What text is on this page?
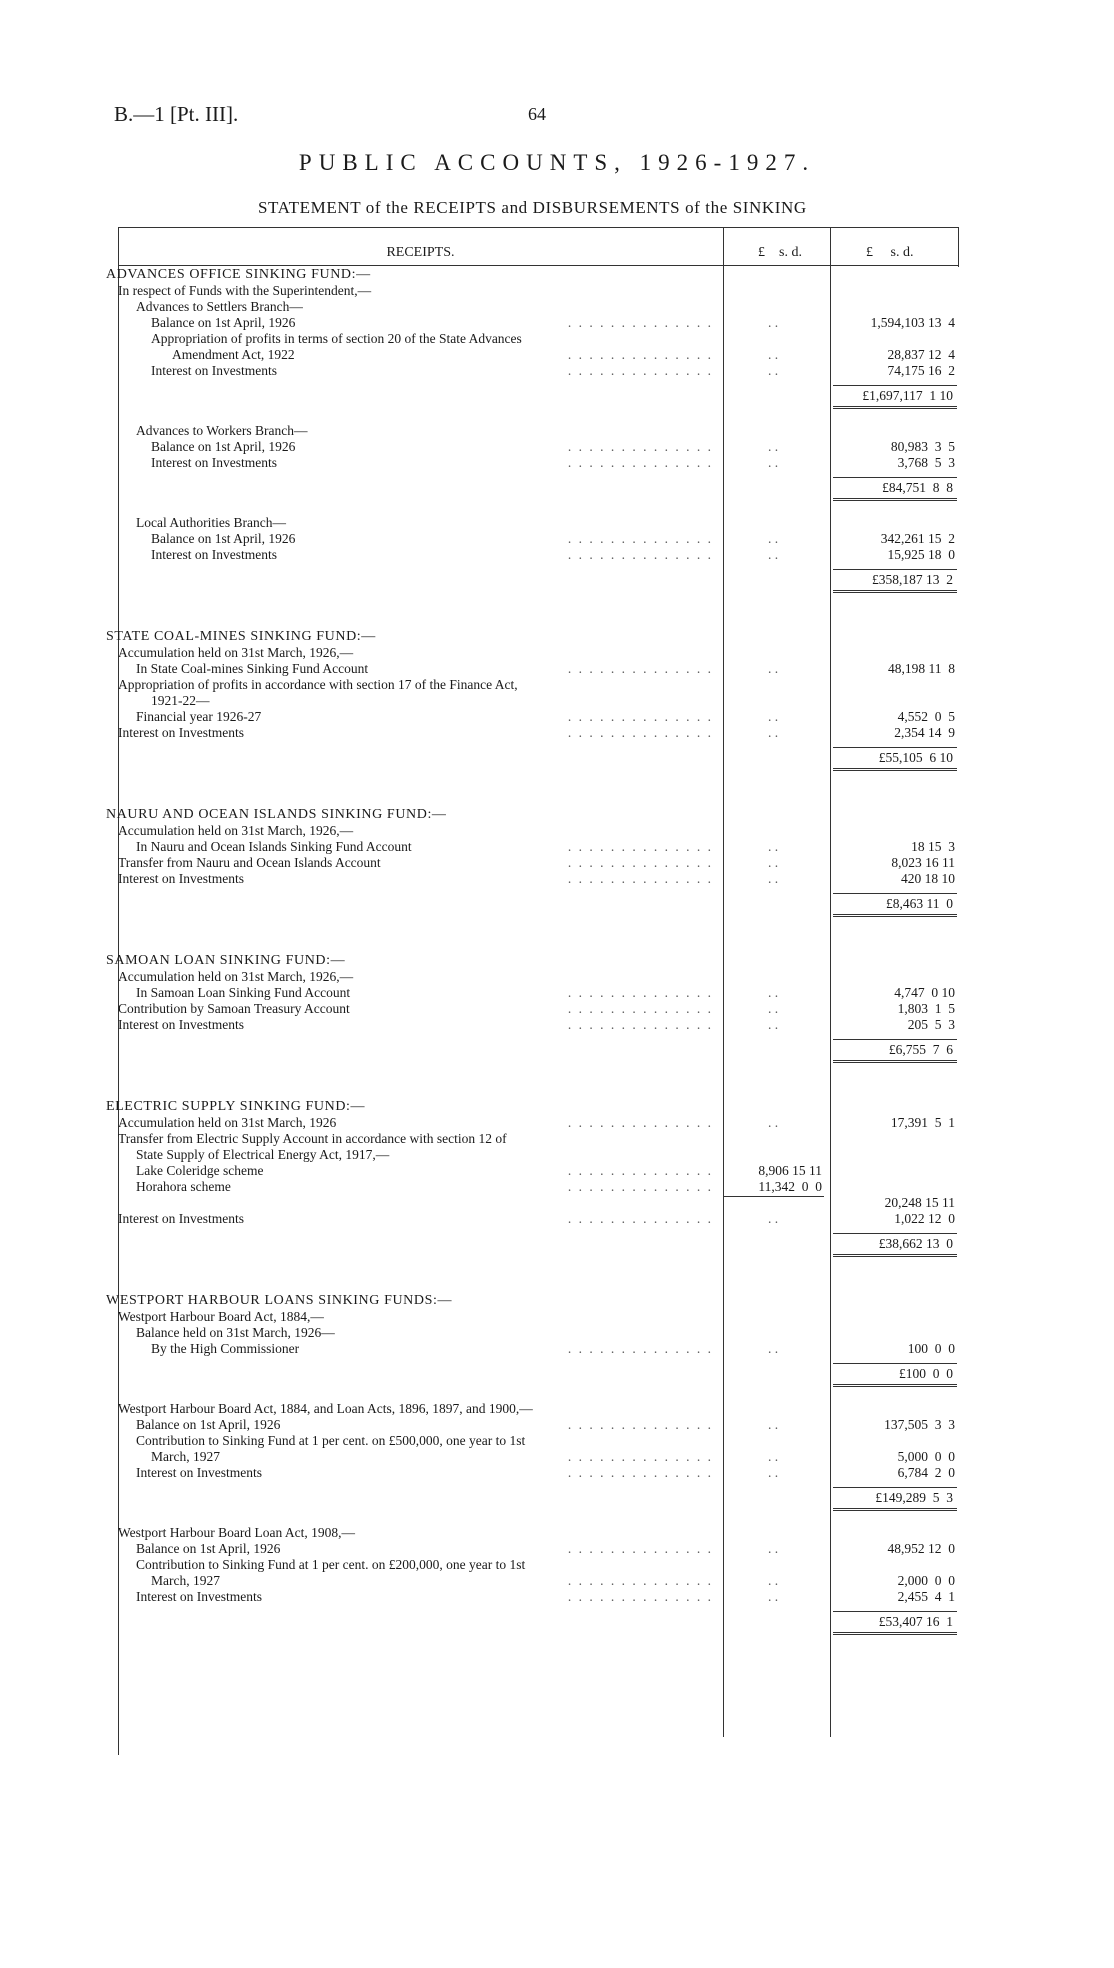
B.—1 [Pt. III].	64
PUBLIC ACCOUNTS, 1926-1927.
STATEMENT of the RECEIPTS and DISBURSEMENTS of the SINKING
RECEIPTS.	£    s. d.	£     s. d.
ADVANCES OFFICE SINKING FUND:—
In respect of Funds with the Superintendent,—
Advances to Settlers Branch—
Balance on 1st April, 1926	. . . . . . . . . . . . . .	. .	1,594,103 13  4
Appropriation of profits in terms of section 20 of the State Advances
Amendment Act, 1922	. . . . . . . . . . . . . .	. .	28,837 12  4
Interest on Investments	. . . . . . . . . . . . . .	. .	74,175 16  2
£1,697,117  1 10
Advances to Workers Branch—
Balance on 1st April, 1926	. . . . . . . . . . . . . .	. .	80,983  3  5
Interest on Investments	. . . . . . . . . . . . . .	. .	3,768  5  3
£84,751  8  8
Local Authorities Branch—
Balance on 1st April, 1926	. . . . . . . . . . . . . .	. .	342,261 15  2
Interest on Investments	. . . . . . . . . . . . . .	. .	15,925 18  0
£358,187 13  2
STATE COAL-MINES SINKING FUND:—
Accumulation held on 31st March, 1926,—
In State Coal-mines Sinking Fund Account	. . . . . . . . . . . . . .	. .	48,198 11  8
Appropriation of profits in accordance with section 17 of the Finance Act,
1921-22—
Financial year 1926-27	. . . . . . . . . . . . . .	. .	4,552  0  5
Interest on Investments	. . . . . . . . . . . . . .	. .	2,354 14  9
£55,105  6 10
NAURU AND OCEAN ISLANDS SINKING FUND:—
Accumulation held on 31st March, 1926,—
In Nauru and Ocean Islands Sinking Fund Account	. . . . . . . . . . . . . .	. .	18 15  3
Transfer from Nauru and Ocean Islands Account	. . . . . . . . . . . . . .	. .	8,023 16 11
Interest on Investments	. . . . . . . . . . . . . .	. .	420 18 10
£8,463 11  0
SAMOAN LOAN SINKING FUND:—
Accumulation held on 31st March, 1926,—
In Samoan Loan Sinking Fund Account	. . . . . . . . . . . . . .	. .	4,747  0 10
Contribution by Samoan Treasury Account	. . . . . . . . . . . . . .	. .	1,803  1  5
Interest on Investments	. . . . . . . . . . . . . .	. .	205  5  3
£6,755  7  6
ELECTRIC SUPPLY SINKING FUND:—
Accumulation held on 31st March, 1926	. . . . . . . . . . . . . .	. .	17,391  5  1
Transfer from Electric Supply Account in accordance with section 12 of
State Supply of Electrical Energy Act, 1917,—
Lake Coleridge scheme	. . . . . . . . . . . . . .	8,906 15 11
Horahora scheme	. . . . . . . . . . . . . .	11,342  0  0
20,248 15 11
Interest on Investments	. . . . . . . . . . . . . .	. .	1,022 12  0
£38,662 13  0
WESTPORT HARBOUR LOANS SINKING FUNDS:—
Westport Harbour Board Act, 1884,—
Balance held on 31st March, 1926—
By the High Commissioner	. . . . . . . . . . . . . .	. .	100  0  0
£100  0  0
Westport Harbour Board Act, 1884, and Loan Acts, 1896, 1897, and 1900,—
Balance on 1st April, 1926	. . . . . . . . . . . . . .	. .	137,505  3  3
Contribution to Sinking Fund at 1 per cent. on £500,000, one year to 1st
March, 1927	. . . . . . . . . . . . . .	. .	5,000  0  0
Interest on Investments	. . . . . . . . . . . . . .	. .	6,784  2  0
£149,289  5  3
Westport Harbour Board Loan Act, 1908,—
Balance on 1st April, 1926	. . . . . . . . . . . . . .	. .	48,952 12  0
Contribution to Sinking Fund at 1 per cent. on £200,000, one year to 1st
March, 1927	. . . . . . . . . . . . . .	. .	2,000  0  0
Interest on Investments	. . . . . . . . . . . . . .	. .	2,455  4  1
£53,407 16  1
